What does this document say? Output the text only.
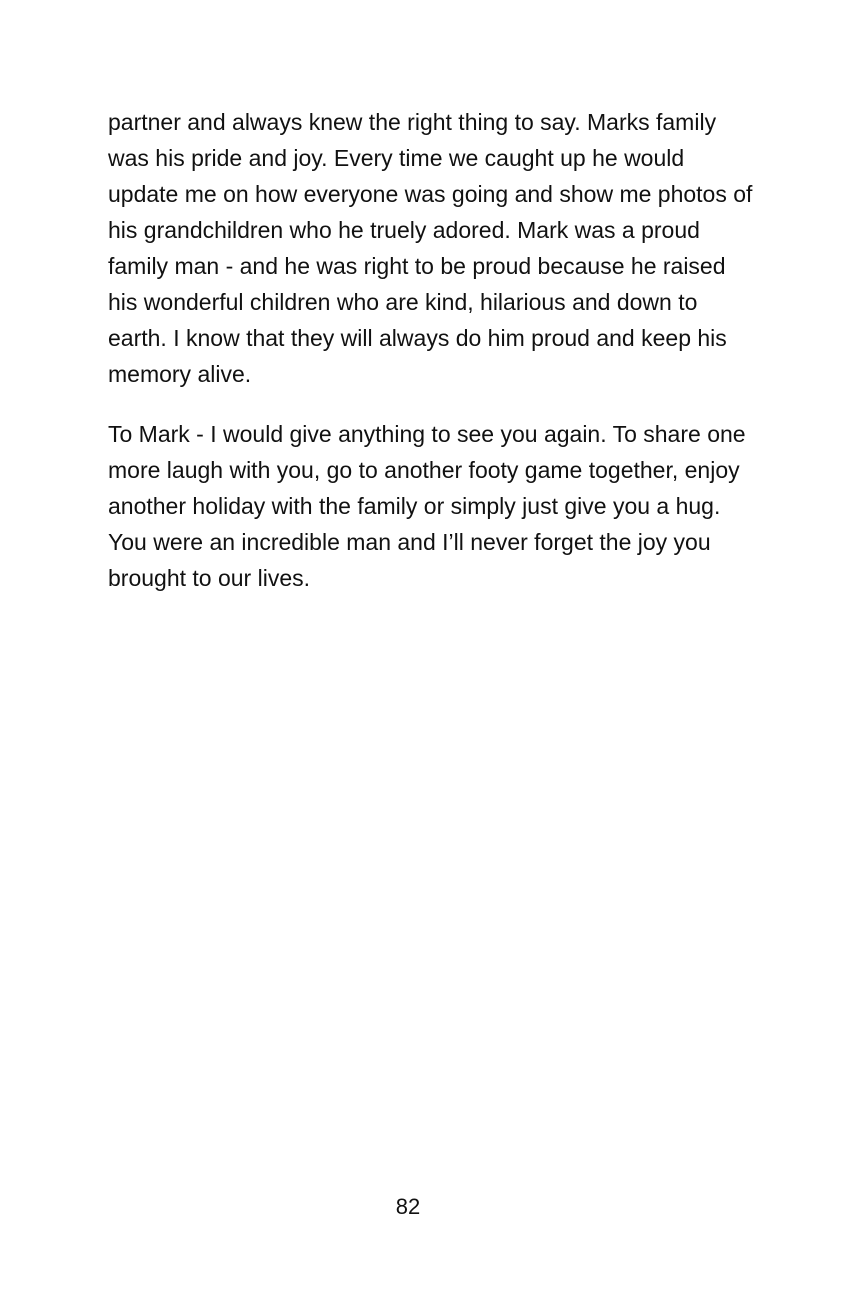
partner and always knew the right thing to say. Marks family was his pride and joy. Every time we caught up he would update me on how everyone was going and show me photos of his grandchildren who he truely adored. Mark was a proud family man - and he was right to be proud because he raised his wonderful children who are kind, hilarious and down to earth. I know that they will always do him proud and keep his memory alive.

To Mark - I would give anything to see you again. To share one more laugh with you, go to another footy game together, enjoy another holiday with the family or simply just give you a hug. You were an incredible man and I’ll never forget the joy you brought to our lives.

82
